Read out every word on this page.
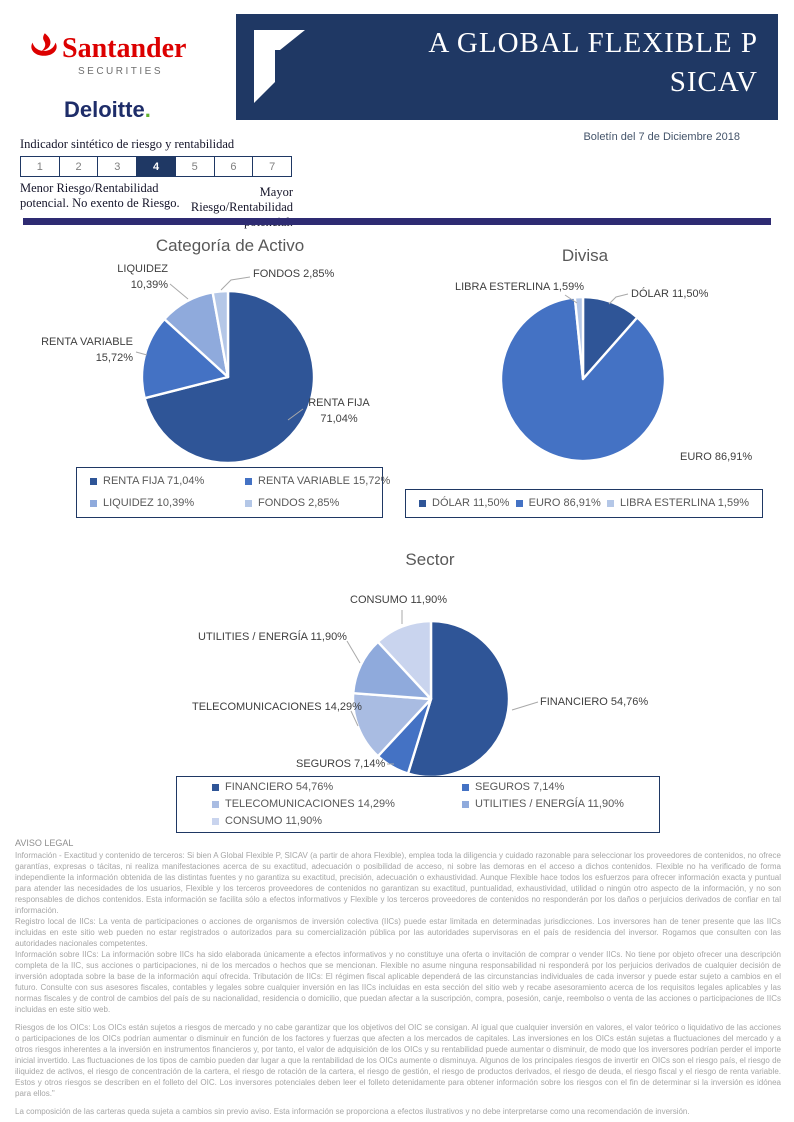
Santander
SECURITIES
Deloitte.
A GLOBAL FLEXIBLE P
SICAV
Boletín del 7 de Diciembre 2018
Indicador sintético de riesgo y rentabilidad
1	2	3	4	5	6	7
Menor Riesgo/Rentabilidad
potencial. No exento de Riesgo.
Mayor Riesgo/Rentabilidad
Categoría de Activo
LIQUIDEZ
10,39%
FONDOS 2,85%
RENTA VARIABLE
15,72%
RENTA FIJA
71,04%
RENTA FIJA 71,04%	RENTA VARIABLE 15,72%
LIQUIDEZ 10,39%	FONDOS 2,85%
Divisa
LIBRA ESTERLINA 1,59%
DÓLAR 11,50%
EURO 86,91%
DÓLAR 11,50% EURO 86,91% LIBRA ESTERLINA 1,59%
Sector
CONSUMO 11,90%
UTILITIES / ENERGÍA 11,90%
TELECOMUNICACIONES 14,29%
SEGUROS 7,14%
FINANCIERO 54,76%
FINANCIERO 54,76%	SEGUROS 7,14%
TELECOMUNICACIONES 14,29%	UTILITIES / ENERGÍA 11,90%
CONSUMO 11,90%
AVISO LEGAL

Información - Exactitud y contenido de terceros: Si bien A Global Flexible P, SICAV (a partir de ahora Flexible), emplea toda la diligencia y cuidado razonable para seleccionar los proveedores de contenidos, no ofrece garantías, expresas o tácitas, ni realiza manifestaciones acerca de su exactitud, adecuación o posibilidad de acceso, ni sobre las demoras en el acceso a dichos contenidos. Flexible no ha verificado de forma independiente la información obtenida de las distintas fuentes y no garantiza su exactitud, precisión, adecuación o exhaustividad. Aunque Flexible hace todos los esfuerzos para ofrecer información exacta y puntual para atender las necesidades de los usuarios, Flexible y los terceros proveedores de contenidos no garantizan su exactitud, puntualidad, exhaustividad, utilidad o ningún otro aspecto de la información, y no son responsables de dichos contenidos. Esta información se facilita sólo a efectos informativos y Flexible y los terceros proveedores de contenidos no responderán por los daños o perjuicios derivados de confiar en tal información.

Registro local de IICs: La venta de participaciones o acciones de organismos de inversión colectiva (IICs) puede estar limitada en determinadas jurisdicciones. Los inversores han de tener presente que las IICs incluidas en este sitio web pueden no estar registrados o autorizados para su comercialización pública por las autoridades supervisoras en el país de residencia del inversor. Rogamos que consulten con las autoridades nacionales competentes.

Información sobre IICs: La información sobre IICs ha sido elaborada únicamente a efectos informativos y no constituye una oferta o invitación de comprar o vender IICs. No tiene por objeto ofrecer una descripción completa de la IIC, sus acciones o participaciones, ni de los mercados o hechos que se mencionan. Flexible no asume ninguna responsabilidad ni responderá por los perjuicios derivados de cualquier decisión de inversión adoptada sobre la base de la información aquí ofrecida. Tributación de IICs: El régimen fiscal aplicable dependerá de las circunstancias individuales de cada inversor y puede estar sujeto a cambios en el futuro. Consulte con sus asesores fiscales, contables y legales sobre cualquier inversión en las IICs incluidas en esta sección del sitio web y recabe asesoramiento acerca de los requisitos legales aplicables y las normas fiscales y de control de cambios del país de su nacionalidad, residencia o domicilio, que puedan afectar a la suscripción, compra, posesión, canje, reembolso o venta de las acciones o participaciones de IICs incluidas en este sitio web.

Riesgos de los OICs: Los OICs están sujetos a riesgos de mercado y no cabe garantizar que los objetivos del OIC se consigan. Al igual que cualquier inversión en valores, el valor teórico o liquidativo de las acciones o participaciones de los OICs podrían aumentar o disminuir en función de los factores y fuerzas que afecten a los mercados de capitales. Las inversiones en los OICs están sujetas a fluctuaciones del mercado y a otros riesgos inherentes a la inversión en instrumentos financieros y, por tanto, el valor de adquisición de los OICs y su rentabilidad puede aumentar o disminuir, de modo que los inversores podrían perder el importe inicial invertido. Las fluctuaciones de los tipos de cambio pueden dar lugar a que la rentabilidad de los OICs aumente o disminuya. Algunos de los principales riesgos de invertir en OICs son el riesgo país, el riesgo de iliquidez de activos, el riesgo de concentración de la cartera, el riesgo de rotación de la cartera, el riesgo de gestión, el riesgo de productos derivados, el riesgo de deuda, el riesgo fiscal y el riesgo de renta variable. Estos y otros riesgos se describen en el folleto del OIC. Los inversores potenciales deben leer el folleto detenidamente para obtener información sobre los riesgos con el fin de determinar si la inversión es idónea para ellos."

La composición de las carteras queda sujeta a cambios sin previo aviso. Esta información se proporciona a efectos ilustrativos y no debe interpretarse como una recomendación de inversión.
